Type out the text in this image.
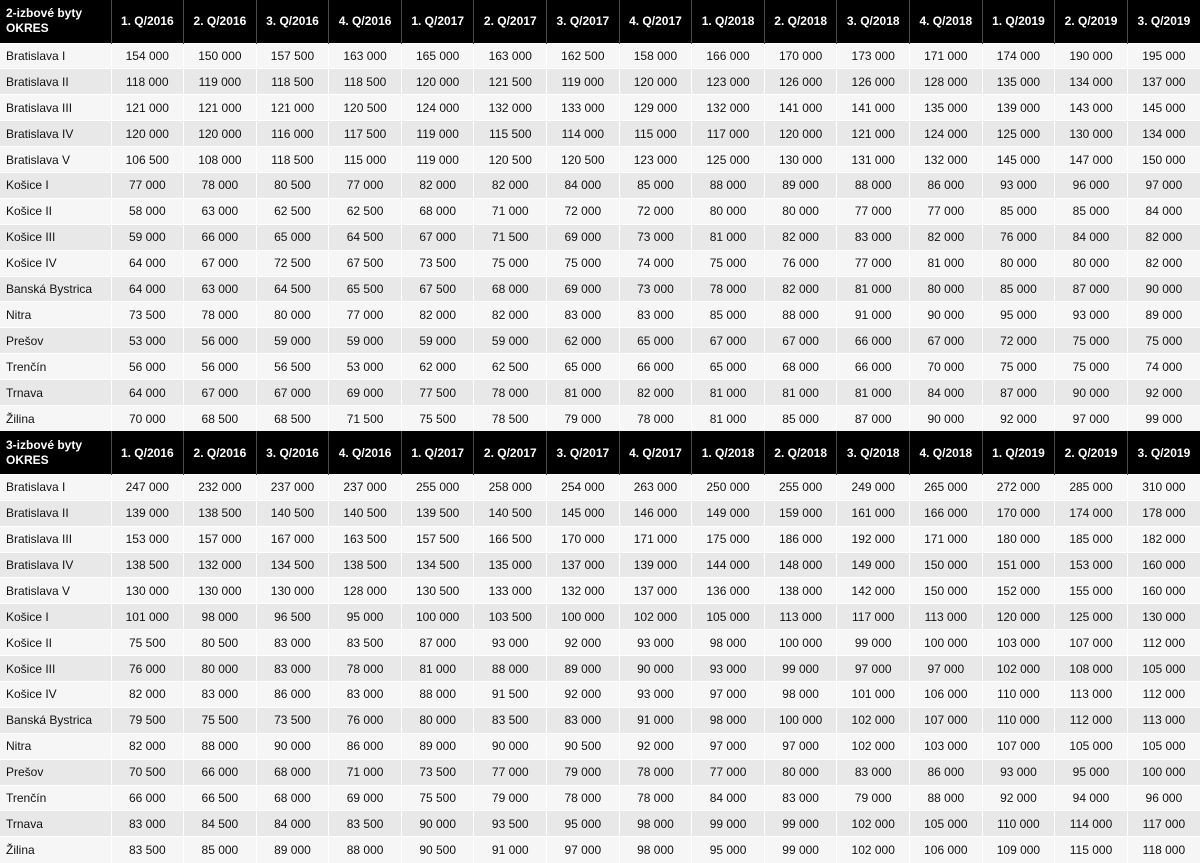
2-izbové byty
OKRES	1. Q/2016	2. Q/2016	3. Q/2016	4. Q/2016	1. Q/2017	2. Q/2017	3. Q/2017	4. Q/2017	1. Q/2018	2. Q/2018	3. Q/2018	4. Q/2018	1. Q/2019	2. Q/2019	3. Q/2019
Bratislava I	154 000	150 000	157 500	163 000	165 000	163 000	162 500	158 000	166 000	170 000	173 000	171 000	174 000	190 000	195 000
Bratislava II	118 000	119 000	118 500	118 500	120 000	121 500	119 000	120 000	123 000	126 000	126 000	128 000	135 000	134 000	137 000
Bratislava III	121 000	121 000	121 000	120 500	124 000	132 000	133 000	129 000	132 000	141 000	141 000	135 000	139 000	143 000	145 000
Bratislava IV	120 000	120 000	116 000	117 500	119 000	115 500	114 000	115 000	117 000	120 000	121 000	124 000	125 000	130 000	134 000
Bratislava V	106 500	108 000	118 500	115 000	119 000	120 500	120 500	123 000	125 000	130 000	131 000	132 000	145 000	147 000	150 000
Košice I	77 000	78 000	80 500	77 000	82 000	82 000	84 000	85 000	88 000	89 000	88 000	86 000	93 000	96 000	97 000
Košice II	58 000	63 000	62 500	62 500	68 000	71 000	72 000	72 000	80 000	80 000	77 000	77 000	85 000	85 000	84 000
Košice III	59 000	66 000	65 000	64 500	67 000	71 500	69 000	73 000	81 000	82 000	83 000	82 000	76 000	84 000	82 000
Košice IV	64 000	67 000	72 500	67 500	73 500	75 000	75 000	74 000	75 000	76 000	77 000	81 000	80 000	80 000	82 000
Banská Bystrica	64 000	63 000	64 500	65 500	67 500	68 000	69 000	73 000	78 000	82 000	81 000	80 000	85 000	87 000	90 000
Nitra	73 500	78 000	80 000	77 000	82 000	82 000	83 000	83 000	85 000	88 000	91 000	90 000	95 000	93 000	89 000
Prešov	53 000	56 000	59 000	59 000	59 000	59 000	62 000	65 000	67 000	67 000	66 000	67 000	72 000	75 000	75 000
Trenčín	56 000	56 000	56 500	53 000	62 000	62 500	65 000	66 000	65 000	68 000	66 000	70 000	75 000	75 000	74 000
Trnava	64 000	67 000	67 000	69 000	77 500	78 000	81 000	82 000	81 000	81 000	81 000	84 000	87 000	90 000	92 000
Žilina	70 000	68 500	68 500	71 500	75 500	78 500	79 000	78 000	81 000	85 000	87 000	90 000	92 000	97 000	99 000

3-izbové byty
OKRES	1. Q/2016	2. Q/2016	3. Q/2016	4. Q/2016	1. Q/2017	2. Q/2017	3. Q/2017	4. Q/2017	1. Q/2018	2. Q/2018	3. Q/2018	4. Q/2018	1. Q/2019	2. Q/2019	3. Q/2019
Bratislava I	247 000	232 000	237 000	237 000	255 000	258 000	254 000	263 000	250 000	255 000	249 000	265 000	272 000	285 000	310 000
Bratislava II	139 000	138 500	140 500	140 500	139 500	140 500	145 000	146 000	149 000	159 000	161 000	166 000	170 000	174 000	178 000
Bratislava III	153 000	157 000	167 000	163 500	157 500	166 500	170 000	171 000	175 000	186 000	192 000	171 000	180 000	185 000	182 000
Bratislava IV	138 500	132 000	134 500	138 500	134 500	135 000	137 000	139 000	144 000	148 000	149 000	150 000	151 000	153 000	160 000
Bratislava V	130 000	130 000	130 000	128 000	130 500	133 000	132 000	137 000	136 000	138 000	142 000	150 000	152 000	155 000	160 000
Košice I	101 000	98 000	96 500	95 000	100 000	103 500	100 000	102 000	105 000	113 000	117 000	113 000	120 000	125 000	130 000
Košice II	75 500	80 500	83 000	83 500	87 000	93 000	92 000	93 000	98 000	100 000	99 000	100 000	103 000	107 000	112 000
Košice III	76 000	80 000	83 000	78 000	81 000	88 000	89 000	90 000	93 000	99 000	97 000	97 000	102 000	108 000	105 000
Košice IV	82 000	83 000	86 000	83 000	88 000	91 500	92 000	93 000	97 000	98 000	101 000	106 000	110 000	113 000	112 000
Banská Bystrica	79 500	75 500	73 500	76 000	80 000	83 500	83 000	91 000	98 000	100 000	102 000	107 000	110 000	112 000	113 000
Nitra	82 000	88 000	90 000	86 000	89 000	90 000	90 500	92 000	97 000	97 000	102 000	103 000	107 000	105 000	105 000
Prešov	70 500	66 000	68 000	71 000	73 500	77 000	79 000	78 000	77 000	80 000	83 000	86 000	93 000	95 000	100 000
Trenčín	66 000	66 500	68 000	69 000	75 500	79 000	78 000	78 000	84 000	83 000	79 000	88 000	92 000	94 000	96 000
Trnava	83 000	84 500	84 000	83 500	90 000	93 500	95 000	98 000	99 000	99 000	102 000	105 000	110 000	114 000	117 000
Žilina	83 500	85 000	89 000	88 000	90 500	91 000	97 000	98 000	95 000	99 000	102 000	106 000	109 000	115 000	118 000
